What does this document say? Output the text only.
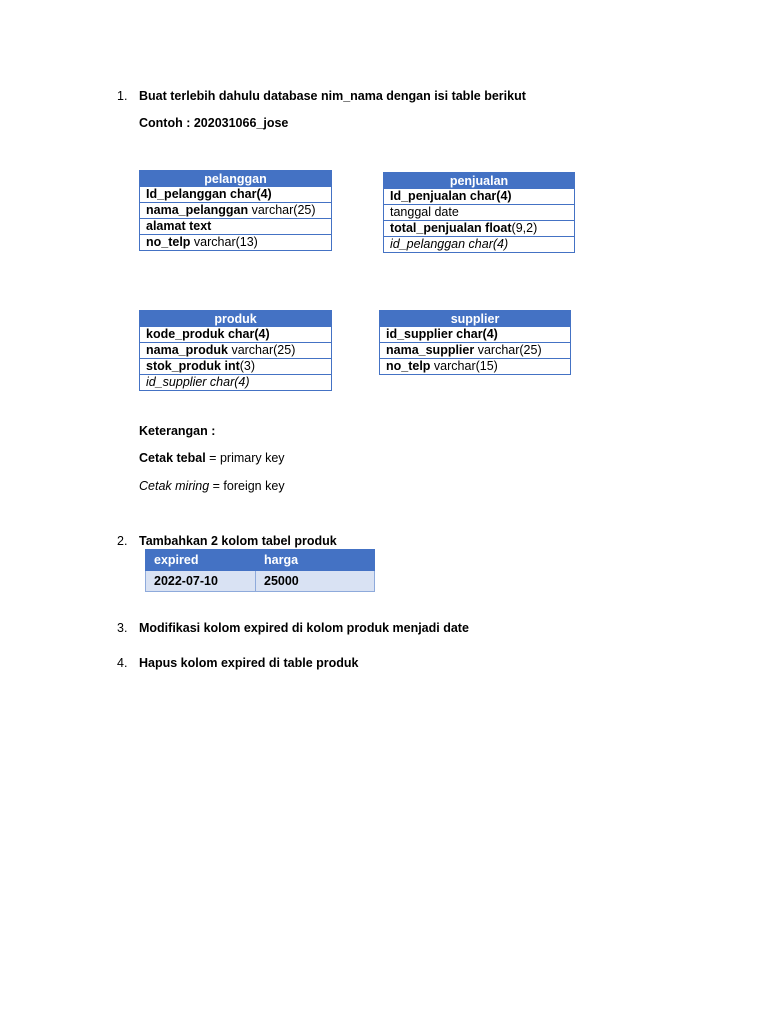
1. Buat terlebih dahulu database nim_nama dengan isi table berikut
Contoh : 202031066_jose
pelanggan
Id_pelanggan char(4)
nama_pelanggan varchar(25)
alamat text
no_telp varchar(13)
penjualan
Id_penjualan char(4)
tanggal date
total_penjualan float(9,2)
id_pelanggan char(4)
produk
kode_produk char(4)
nama_produk varchar(25)
stok_produk int(3)
id_supplier char(4)
supplier
id_supplier char(4)
nama_supplier varchar(25)
no_telp varchar(15)
Keterangan :
Cetak tebal = primary key
Cetak miring = foreign key
2. Tambahkan 2 kolom tabel produk
expired	harga
2022-07-10	25000
3. Modifikasi kolom expired di kolom produk menjadi date
4. Hapus kolom expired di table produk
